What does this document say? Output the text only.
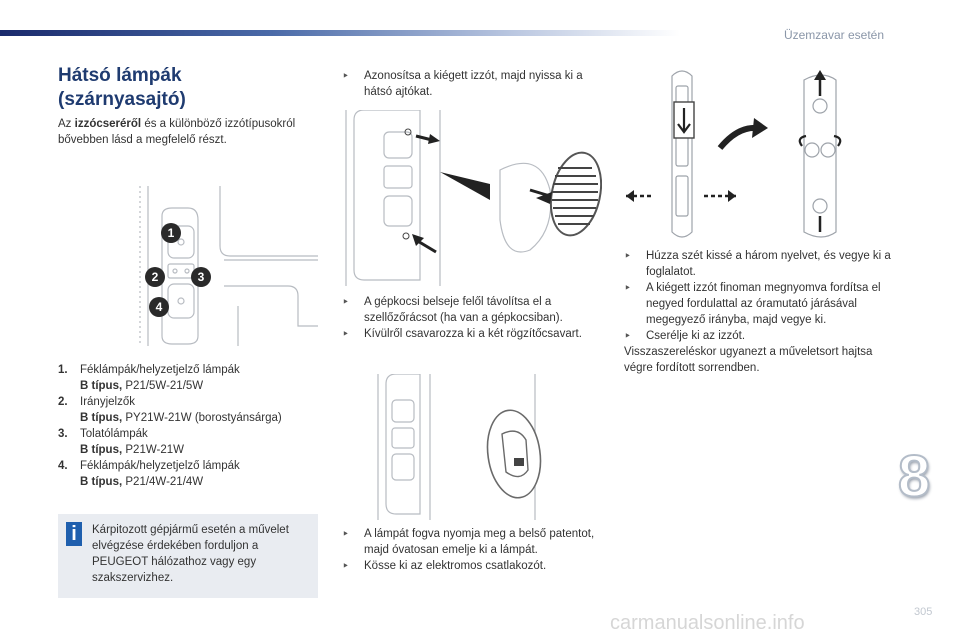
Üzemzavar esetén
Hátsó lámpák
(szárnyasajtó)
Az izzócseréről és a különböző izzótípusokról bővebben lásd a megfelelő részt.
1
2	3
4
1. Féklámpák/helyzetjelző lámpák
B típus, P21/5W-21/5W
2. Irányjelzők
B típus, PY21W-21W (borostyánsárga)
3. Tolatólámpák
B típus, P21W-21W
4. Féklámpák/helyzetjelző lámpák
B típus, P21/4W-21/4W
i	Kárpitozott gépjármű esetén a művelet elvégzése érdekében forduljon a PEUGEOT hálózathoz vagy egy szakszervizhez.
‣ Azonosítsa a kiégett izzót, majd nyissa ki a hátsó ajtókat.
‣ A gépkocsi belseje felől távolítsa el a szellőzőrácsot (ha van a gépkocsiban).
‣ Kívülről csavarozza ki a két rögzítőcsavart.
‣ A lámpát fogva nyomja meg a belső patentot, majd óvatosan emelje ki a lámpát.
‣ Kösse ki az elektromos csatlakozót.
‣ Húzza szét kissé a három nyelvet, és vegye ki a foglalatot.
‣ A kiégett izzót finoman megnyomva fordítsa el negyed fordulattal az óramutató járásával megegyező irányba, majd vegye ki.
‣ Cserélje ki az izzót.
Visszaszereléskor ugyanezt a műveletsort hajtsa végre fordított sorrendben.
8
305
carmanualsonline.info
